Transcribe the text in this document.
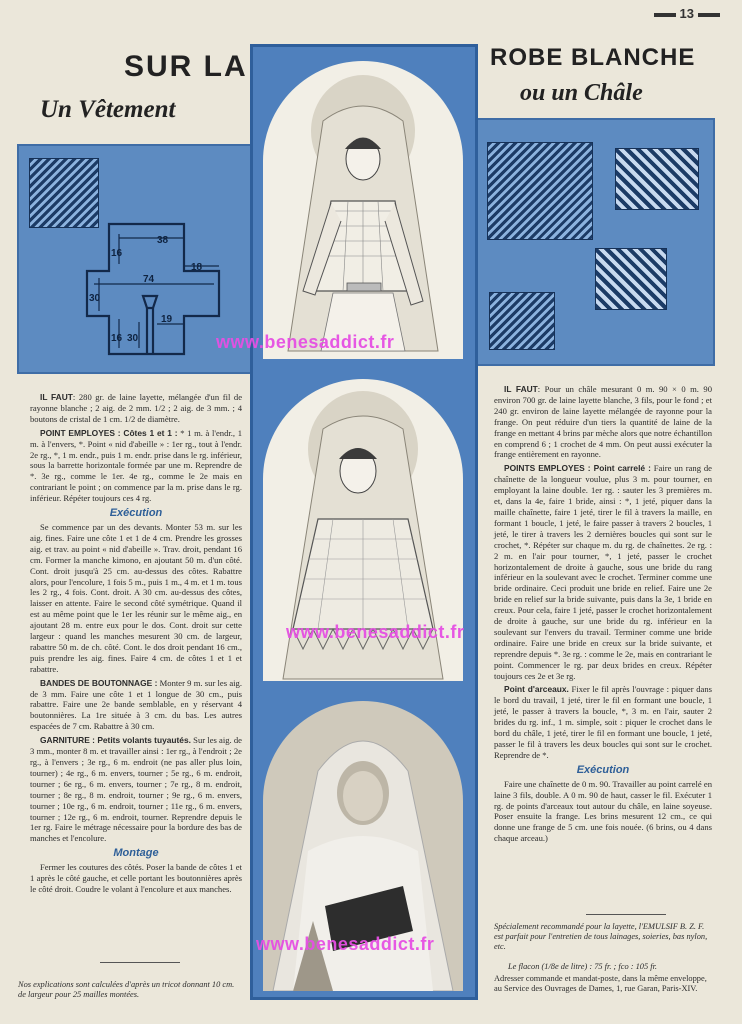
13
SUR LA
Un Vêtement
ROBE BLANCHE
ou un Châle
38
18
74
30
16
30
19
16	www.benesaddict.fr
www.benesaddict.fr
www.benesaddict.fr

IL FAUT: 280 gr. de laine layette, mélangée d'un fil de rayonne blanche ; 2 aig. de 2 mm. 1/2 ; 2 aig. de 3 mm. ; 4 boutons de cristal de 1 cm. 1/2 de diamètre.

POINT EMPLOYES : Côtes 1 et 1 : * 1 m. à l'endr., 1 m. à l'envers, *. Point « nid d'abeille » : 1er rg., tout à l'endr. 2e rg., *, 1 m. endr., puis 1 m. endr. prise dans le rg. inférieur, sous la barrette horizontale formée par une m. Reprendre de *. 3e rg., comme le 1er. 4e rg., comme le 2e mais en contrariant le point ; on commence par la m. prise dans le rg. inférieur. Répéter toujours ces 4 rg.

Exécution

Se commence par un des devants. Monter 53 m. sur les aig. fines. Faire une côte 1 et 1 de 4 cm. Prendre les grosses aig. et trav. au point « nid d'abeille ». Trav. droit, pendant 16 cm. Former la manche kimono, en ajoutant 50 m. d'un côté. Cont. droit jusqu'à 25 cm. au-dessus des côtes. Rabattre alors, pour l'encolure, 1 fois 5 m., puis 1 m., 4 m. et 1 m. tous les 2 rg., 4 fois. Cont. droit. A 30 cm. au-dessus des côtes, laisser en attente. Faire le second côté symétrique. Quand il est au même point que le 1er les réunir sur le même aig., en ajoutant 28 m. entre eux pour le dos. Cont. droit sur cette largeur : quand les manches mesurent 30 cm. de largeur, rabattre 50 m. de ch. côté. Cont. le dos droit pendant 16 cm., puis prendre les aig. fines. Faire 4 cm. de côtes 1 et 1 et rabattre.

BANDES DE BOUTONNAGE : Monter 9 m. sur les aig. de 3 mm. Faire une côte 1 et 1 longue de 30 cm., puis rabattre. Faire une 2e bande semblable, en y réservant 4 boutonnières. La 1re située à 3 cm. du bas. Les autres espacées de 7 cm. Rabattre à 30 cm.

GARNITURE : Petits volants tuyautés. Sur les aig. de 3 mm., monter 8 m. et travailler ainsi : 1er rg., à l'endroit ; 2e rg., à l'envers ; 3e rg., 6 m. endroit (ne pas aller plus loin, tourner) ; 4e rg., 6 m. envers, tourner ; 5e rg., 6 m. endroit, tourner ; 6e rg., 6 m. envers, tourner ; 7e rg., 8 m. endroit, tourner ; 8e rg., 8 m. endroit, tourner ; 9e rg., 6 m. envers, tourner ; 10e rg., 6 m. endroit, tourner ; 11e rg., 6 m. envers, tourner ; 12e rg., 6 m. endroit, tourner. Reprendre depuis le 1er rg. Faire le métrage nécessaire pour la bordure des bas de manches et l'encolure.

Montage

Fermer les coutures des côtés. Poser la bande de côtes 1 et 1 après le côté gauche, et celle portant les boutonnières après le côté droit. Coudre le volant à l'encolure et aux manches.

Nos explications sont calculées d'après un tricot donnant 10 cm. de largeur pour 25 mailles montées.

IL FAUT: Pour un châle mesurant 0 m. 90 × 0 m. 90 environ 700 gr. de laine layette blanche, 3 fils, pour le fond ; et 240 gr. environ de laine layette mélangée de rayonne pour la frange. On peut réduire d'un tiers la quantité de laine de la frange en mettant 4 brins par mèche alors que notre échantillon en comprend 6 ; 1 crochet de 4 mm. On peut aussi exécuter la frange entièrement en rayonne.

POINTS EMPLOYES : Point carrelé : Faire un rang de chaînette de la longueur voulue, plus 3 m. pour tourner, en employant la laine double. 1er rg. : sauter les 3 premières m. et, dans la 4e, faire 1 bride, ainsi : *, 1 jeté, piquer dans la maille chaînette, faire 1 jeté, tirer le fil à travers la maille, en formant 1 boucle, 1 jeté, le faire passer à travers 2 boucles, 1 jeté, le tirer à travers les 2 dernières boucles qui sont sur le crochet, *. Répéter sur chaque m. du rg. de chaînettes. 2e rg. : 2 m. en l'air pour tourner, *, 1 jeté, passer le crochet horizontalement de droite à gauche, sous une bride du rang inférieur en la soulevant avec le crochet. Terminer comme une bride ordinaire. Ceci produit une bride en relief. Faire une 2e bride en relief sur la bride suivante, puis dans la 3e, 1 bride en creux. Pour cela, faire 1 jeté, passer le crochet horizontalement de droite à gauche, sur une bride du rg. inférieur en la soulevant sur l'envers du travail. Terminer comme une bride ordinaire. Faire une bride en creux sur la bride suivante, et reprendre depuis *. 3e rg. : comme le 2e, mais en contrariant le point. Commencer le rg. par deux brides en creux. Répéter toujours ces 2e et 3e rg.

Point d'arceaux. Fixer le fil après l'ouvrage : piquer dans le bord du travail, 1 jeté, tirer le fil en formant une boucle, 1 jeté, le passer à travers la boucle, *, 3 m. en l'air, sauter 2 brides du rg. inf., 1 m. simple, soit : piquer le crochet dans le bord du châle, 1 jeté, tirer le fil en formant une boucle, 1 jeté, passer le fil à travers les deux boucles qui sont sur le crochet. Reprendre de *.

Exécution

Faire une chaînette de 0 m. 90. Travailler au point carrelé en laine 3 fils, double. A 0 m. 90 de haut, casser le fil. Exécuter 1 rg. de points d'arceaux tout autour du châle, en laine soyeuse. Poser ensuite la frange. Les brins mesurent 12 cm., ce qui donne une frange de 5 cm. une fois nouée. (6 brins, ou 4 dans chaque arceau.)

Spécialement recommandé pour la layette, l'EMULSIF B. Z. F. est parfait pour l'entretien de tous lainages, soieries, bas nylon, etc.
Le flacon (1/8e de litre) : 75 fr. ; fco : 105 fr.
Adresser commande et mandat-poste, dans la même enveloppe, au Service des Ouvrages de Dames, 1, rue Garan, Paris-XIV.
